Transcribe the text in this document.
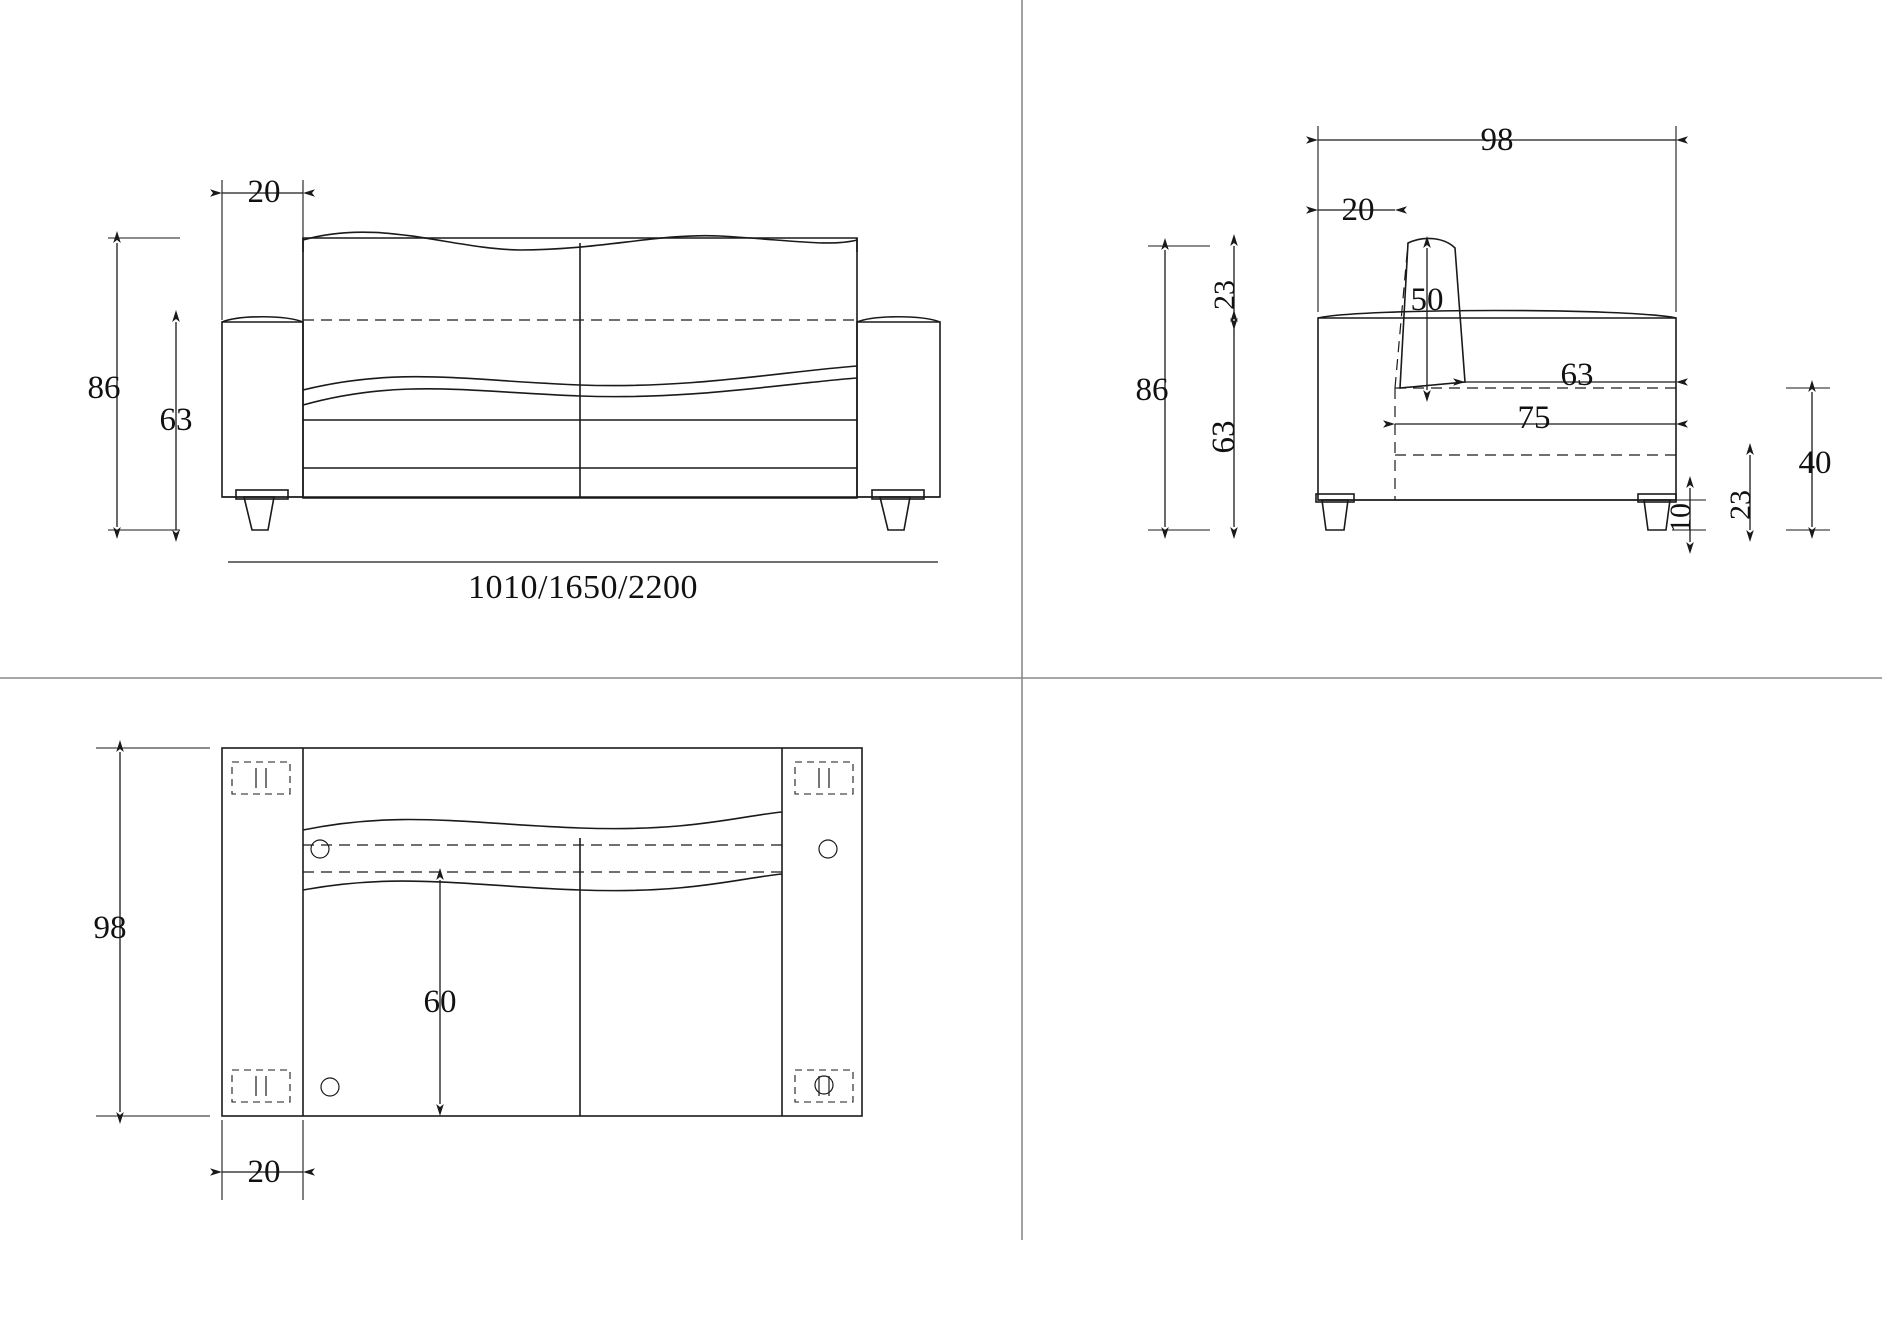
1010/1650/2200
86
63
20
98
20
86
23
63
50
63
75
10 23
40
98
60
20
